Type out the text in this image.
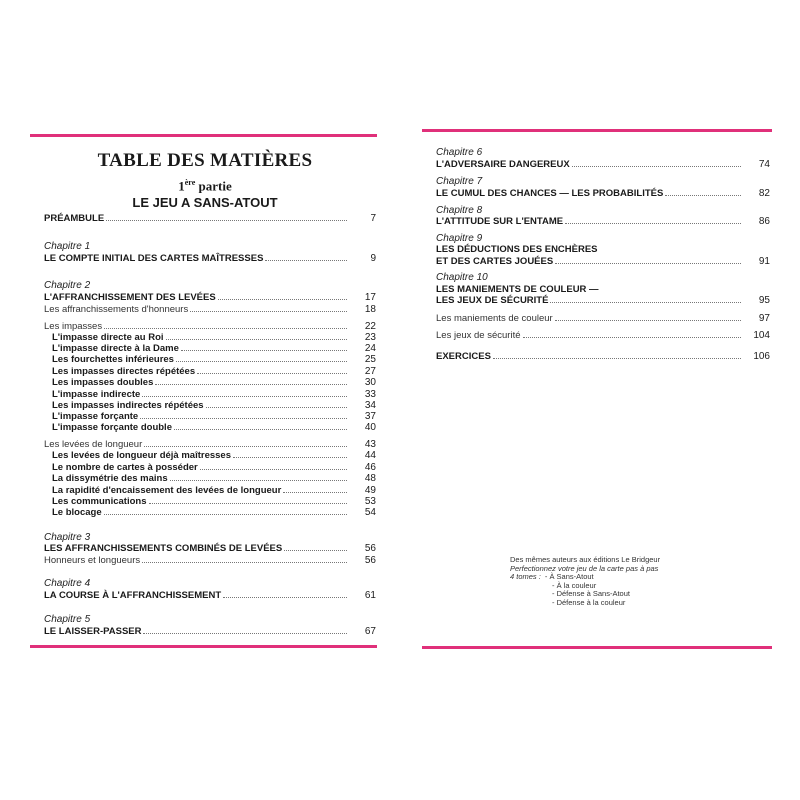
TABLE DES MATIÈRES
1ère partie
LE JEU A SANS-ATOUT
PRÉAMBULE	7
Chapitre 1
LE COMPTE INITIAL DES CARTES MAÎTRESSES	9
Chapitre 2
L'AFFRANCHISSEMENT DES LEVÉES	17
Les affranchissements d'honneurs	18
Les impasses	22
L'impasse directe au Roi	23
L'impasse directe à la Dame	24
Les fourchettes inférieures	25
Les impasses directes répétées	27
Les impasses doubles	30
L'impasse indirecte	33
Les impasses indirectes répétées	34
L'impasse forçante	37
L'impasse forçante double	40
Les levées de longueur	43
Les levées de longueur déjà maîtresses	44
Le nombre de cartes à posséder	46
La dissymétrie des mains	48
La rapidité d'encaissement des levées de longueur	49
Les communications	53
Le blocage	54
Chapitre 3
LES AFFRANCHISSEMENTS COMBINÉS DE LEVÉES	56
Honneurs et longueurs	56
Chapitre 4
LA COURSE À L'AFFRANCHISSEMENT	61
Chapitre 5
LE LAISSER-PASSER	67
Chapitre 6
L'ADVERSAIRE DANGEREUX	74
Chapitre 7
LE CUMUL DES CHANCES — LES PROBABILITÉS	82
Chapitre 8
L'ATTITUDE SUR L'ENTAME	86
Chapitre 9
LES DÉDUCTIONS DES ENCHÈRES
ET DES CARTES JOUÉES	91
Chapitre 10
LES MANIEMENTS DE COULEUR —
LES JEUX DE SÉCURITÉ	95
Les maniements de couleur	97
Les jeux de sécurité	104
EXERCICES	106
Des mêmes auteurs aux éditions Le Bridgeur
Perfectionnez votre jeu de la carte pas à pas
4 tomes : - À Sans-Atout
- À la couleur
- Défense à Sans-Atout
- Défense à la couleur
